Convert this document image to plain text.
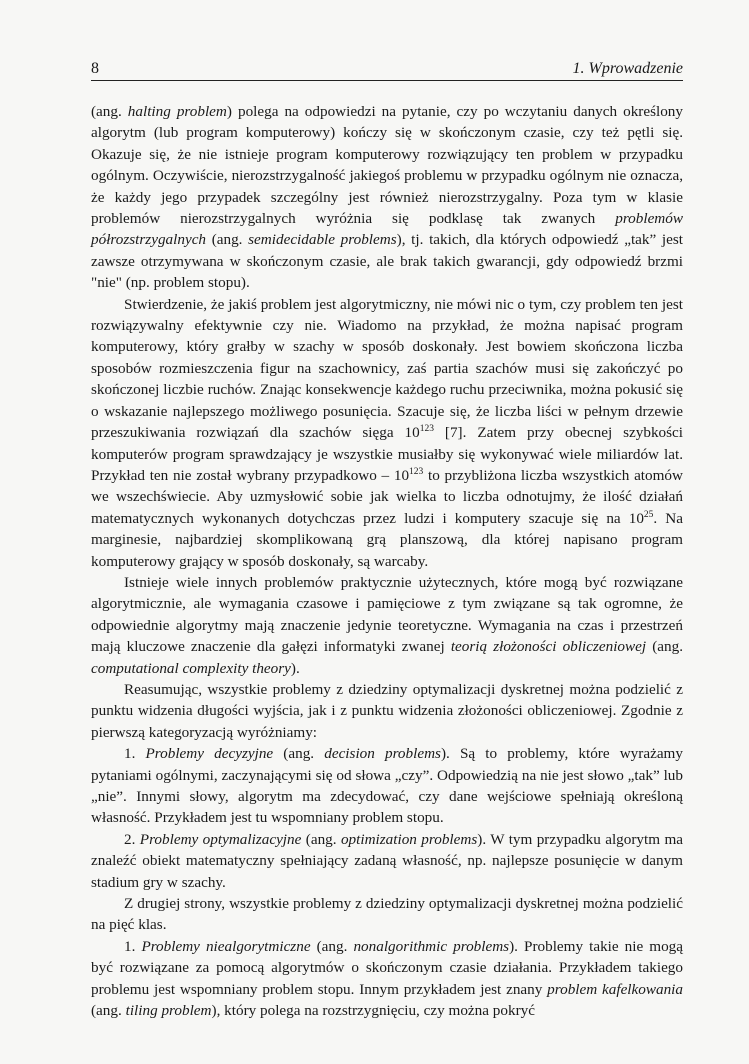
8	1. Wprowadzenie

(ang. halting problem) polega na odpowiedzi na pytanie, czy po wczytaniu danych określony algorytm (lub program komputerowy) kończy się w skończonym czasie, czy też pętli się. Okazuje się, że nie istnieje program komputerowy rozwiązujący ten problem w przypadku ogólnym. Oczywiście, nierozstrzygalność jakiegoś problemu w przypadku ogólnym nie oznacza, że każdy jego przypadek szczególny jest również nierozstrzygalny. Poza tym w klasie problemów nierozstrzygalnych wyróżnia się podklasę tak zwanych problemów półrozstrzygalnych (ang. semidecidable problems), tj. takich, dla których odpowiedź „tak” jest zawsze otrzymywana w skończonym czasie, ale brak takich gwarancji, gdy odpowiedź brzmi "nie" (np. problem stopu).

Stwierdzenie, że jakiś problem jest algorytmiczny, nie mówi nic o tym, czy problem ten jest rozwiązywalny efektywnie czy nie. Wiadomo na przykład, że można napisać program komputerowy, który grałby w szachy w sposób doskonały. Jest bowiem skończona liczba sposobów rozmieszczenia figur na szachownicy, zaś partia szachów musi się zakończyć po skończonej liczbie ruchów. Znając konsekwencje każdego ruchu przeciwnika, można pokusić się o wskazanie najlepszego możliwego posunięcia. Szacuje się, że liczba liści w pełnym drzewie przeszukiwania rozwiązań dla szachów sięga $10^{123}$ [7]. Zatem przy obecnej szybkości komputerów program sprawdzający je wszystkie musiałby się wykonywać wiele miliardów lat. Przykład ten nie został wybrany przypadkowo – $10^{123}$ to przybliżona liczba wszystkich atomów we wszechświecie. Aby uzmysłowić sobie jak wielka to liczba odnotujmy, że ilość działań matematycznych wykonanych dotychczas przez ludzi i komputery szacuje się na $10^{25}$. Na marginesie, najbardziej skomplikowaną grą planszową, dla której napisano program komputerowy grający w sposób doskonały, są warcaby.

Istnieje wiele innych problemów praktycznie użytecznych, które mogą być rozwiązane algorytmicznie, ale wymagania czasowe i pamięciowe z tym związane są tak ogromne, że odpowiednie algorytmy mają znaczenie jedynie teoretyczne. Wymagania na czas i przestrzeń mają kluczowe znaczenie dla gałęzi informatyki zwanej teorią złożoności obliczeniowej (ang. computational complexity theory).

Reasumując, wszystkie problemy z dziedziny optymalizacji dyskretnej można podzielić z punktu widzenia długości wyjścia, jak i z punktu widzenia złożoności obliczeniowej. Zgodnie z pierwszą kategoryzacją wyróżniamy:

1. Problemy decyzyjne (ang. decision problems). Są to problemy, które wyrażamy pytaniami ogólnymi, zaczynającymi się od słowa „czy”. Odpowiedzią na nie jest słowo „tak” lub „nie”. Innymi słowy, algorytm ma zdecydować, czy dane wejściowe spełniają określoną własność. Przykładem jest tu wspomniany problem stopu.

2. Problemy optymalizacyjne (ang. optimization problems). W tym przypadku algorytm ma znaleźć obiekt matematyczny spełniający zadaną własność, np. najlepsze posunięcie w danym stadium gry w szachy.

Z drugiej strony, wszystkie problemy z dziedziny optymalizacji dyskretnej można podzielić na pięć klas.

1. Problemy niealgorytmiczne (ang. nonalgorithmic problems). Problemy takie nie mogą być rozwiązane za pomocą algorytmów o skończonym czasie działania. Przykładem takiego problemu jest wspomniany problem stopu. Innym przykładem jest znany problem kafelkowania (ang. tiling problem), który polega na rozstrzygnięciu, czy można pokryć
